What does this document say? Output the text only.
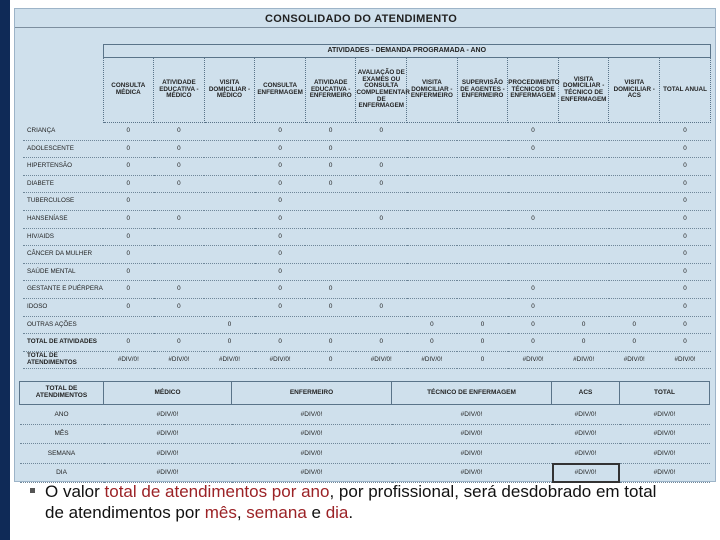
CONSOLIDADO DO ATENDIMENTO
	ATIVIDADES - DEMANDA PROGRAMADA - ANO											
	CONSULTA MÉDICA	ATIVIDADE EDUCATIVA - MÉDICO	VISITA DOMICILIAR - MÉDICO	CONSULTA ENFERMAGEM	ATIVIDADE EDUCATIVA - ENFERMEIRO	AVALIAÇÃO DE EXAMES OU CONSULTA COMPLEMENTAR DE ENFERMAGEM	VISITA DOMICILIAR - ENFERMEIRO	SUPERVISÃO DE AGENTES - ENFERMEIRO	PROCEDIMENTO TÉCNICOS DE ENFERMAGEM	VISITA DOMICILIAR - TÉCNICO DE ENFERMAGEM	VISITA DOMICILIAR - ACS	TOTAL ANUAL
CRIANÇA	0	0		0	0	0			0			0
ADOLESCENTE	0	0		0	0				0			0
HIPERTENSÃO	0	0		0	0	0						0
DIABETE	0	0		0	0	0						0
TUBERCULOSE	0			0								0
HANSENÍASE	0	0		0		0			0			0
HIV/AIDS	0			0								0
CÂNCER DA MULHER	0			0								0
SAÚDE MENTAL	0			0								0
GESTANTE E PUÉRPERA	0	0		0	0				0			0
IDOSO	0	0		0	0	0			0			0
OUTRAS AÇÕES			0				0	0	0	0	0	0
TOTAL DE ATIVIDADES	0	0	0	0	0	0	0	0	0	0	0	0
TOTAL DE ATENDIMENTOS	#DIV/0!	#DIV/0!	#DIV/0!	#DIV/0!	0	#DIV/0!	#DIV/0!	0	#DIV/0!	#DIV/0!	#DIV/0!	#DIV/0!
TOTAL DE ATENDIMENTOS	MÉDICO	ENFERMEIRO	TÉCNICO DE ENFERMAGEM	ACS	TOTAL
ANO	#DIV/0!	#DIV/0!	#DIV/0!	#DIV/0!	#DIV/0!
MÊS	#DIV/0!	#DIV/0!	#DIV/0!	#DIV/0!	#DIV/0!
SEMANA	#DIV/0!	#DIV/0!	#DIV/0!	#DIV/0!	#DIV/0!
DIA	#DIV/0!	#DIV/0!	#DIV/0!	#DIV/0!	#DIV/0!
O valor total de atendimentos por ano, por profissional, será desdobrado em total de atendimentos por mês, semana e dia.
